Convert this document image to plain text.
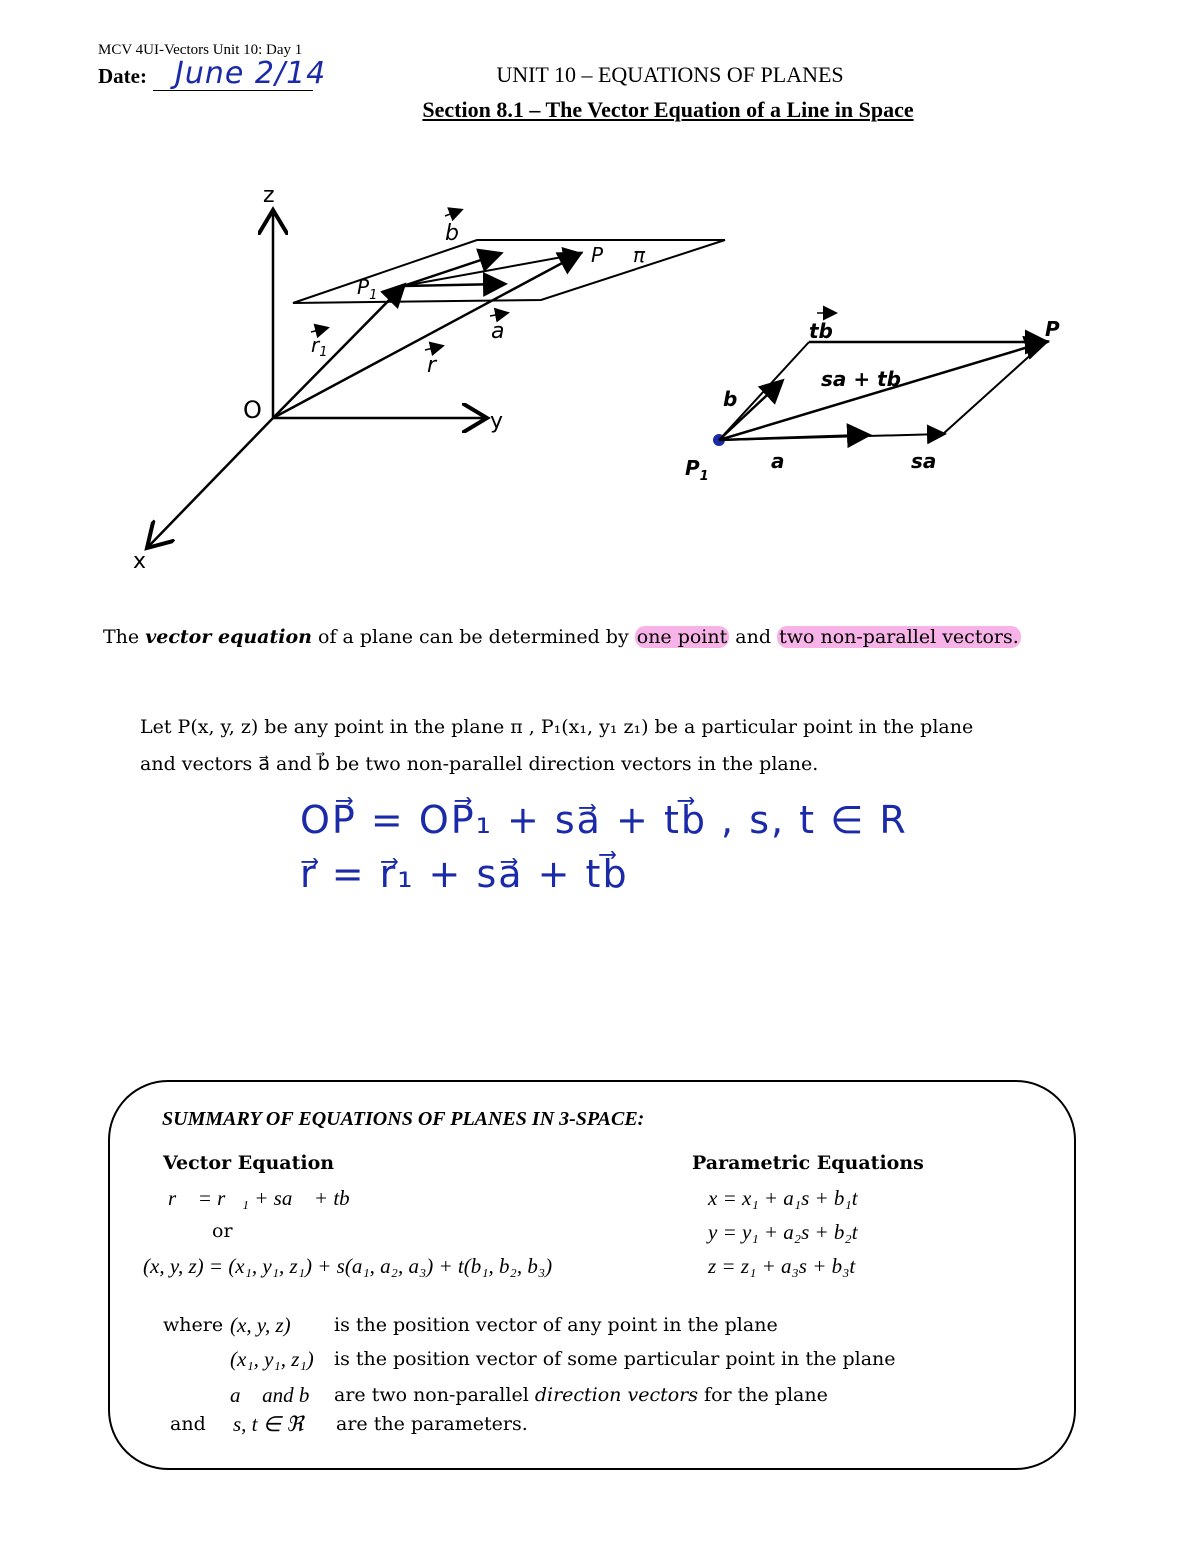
MCV 4UI-Vectors Unit 10: Day 1
Date: June 2/14	UNIT 10 – EQUATIONS OF PLANES
Section 8.1 – The Vector Equation of a Line in Space
z
y
x
O
π
$P_1$
P
b
a
r
$r_1$
tb	P
sa + tb
b
a	sa
$P_1$
The vector equation of a plane can be determined by one point and two non-parallel vectors.
Let P(x, y, z) be any point in the plane π , P₁(x₁, y₁ z₁) be a particular point in the plane
and vectors a⃗ and b⃗ be two non-parallel direction vectors in the plane.
OP⃗ = OP⃗₁ + sa⃗ + tb⃗ , s, t ∈ R
r⃗ = r⃗₁ + sa⃗ + tb⃗
SUMMARY OF EQUATIONS OF PLANES IN 3-SPACE:
Vector Equation	Parametric Equations
r⃗ = r⃗₁ + sa⃗ + tb⃗
or
(x, y, z) = (x₁, y₁, z₁) + s(a₁, a₂, a₃) + t(b₁, b₂, b₃)
x = x₁ + a₁s + b₁t
y = y₁ + a₂s + b₂t
z = z₁ + a₃s + b₃t
where (x, y, z) is the position vector of any point in the plane
(x₁, y₁, z₁) is the position vector of some particular point in the plane
a⃗ and b⃗ are two non-parallel direction vectors for the plane
and s, t ∈ ℜ are the parameters.
